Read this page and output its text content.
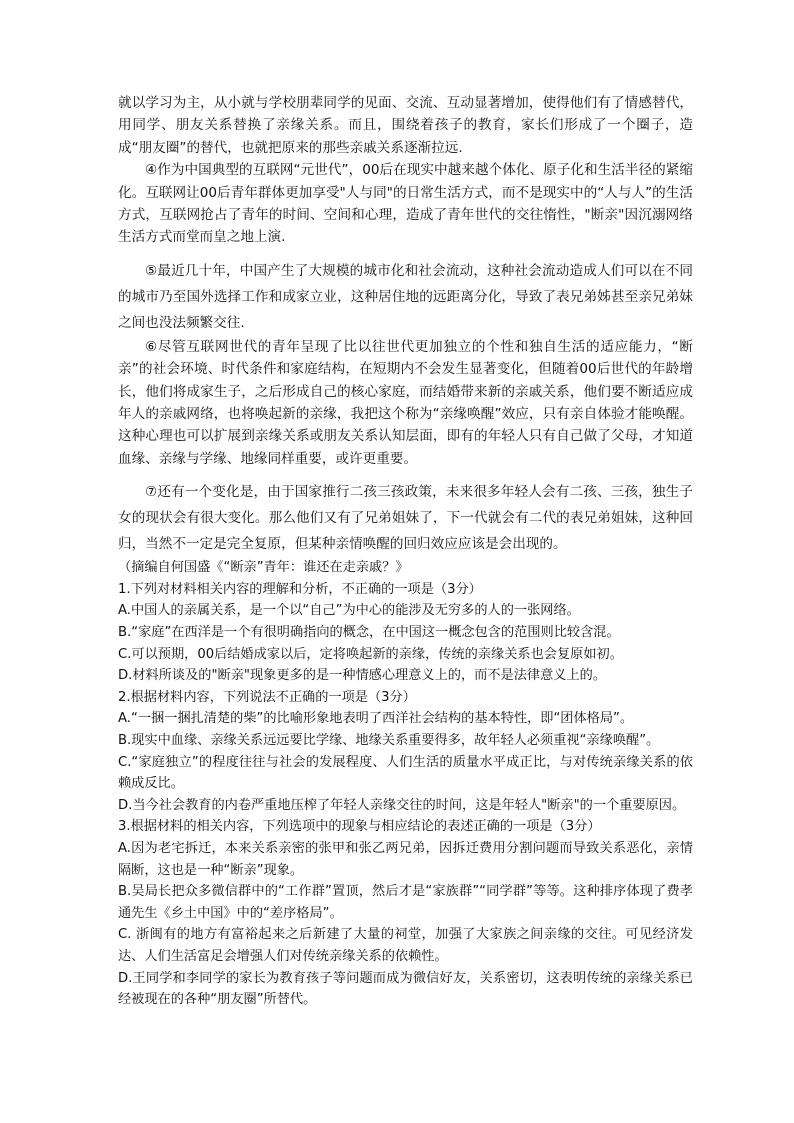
就以学习为主，从小就与学校朋辈同学的见面、交流、互动显著增加，使得他们有了情感替代，用同学、朋友关系替换了亲缘关系。而且，围绕着孩子的教育，家长们形成了一个圈子，造成“朋友圈”的替代，也就把原来的那些亲戚关系逐渐拉远.

④作为中国典型的互联网“元世代”，00后在现实中越来越个体化、原子化和生活半径的紧缩化。互联网让00后青年群体更加享受"人与同"的日常生活方式，而不是现实中的“人与人”的生活方式，互联网抢占了青年的时间、空间和心理，造成了青年世代的交往惰性，"断亲"因沉溺网络生活方式而堂而皇之地上演.

⑤最近几十年，中国产生了大规模的城市化和社会流动，这种社会流动造成人们可以在不同的城市乃至国外选择工作和成家立业，这种居住地的远距离分化，导致了表兄弟姊甚至亲兄弟妹之间也没法频繁交往.

⑥尽管互联网世代的青年呈现了比以往世代更加独立的个性和独自生活的适应能力，“断亲”的社会环境、时代条件和家庭结构，在短期内不会发生显著变化，但随着00后世代的年龄增长，他们将成家生子，之后形成自己的核心家庭，而结婚带来新的亲戚关系，他们要不断适应成年人的亲戚网络，也将唤起新的亲缘，我把这个称为“亲缘唤醒”效应，只有亲自体验才能唤醒。这种心理也可以扩展到亲缘关系或朋友关系认知层面，即有的年轻人只有自己做了父母，才知道血缘、亲缘与学缘、地缘同样重要，或许更重要。

⑦还有一个变化是，由于国家推行二孩三孩政策，未来很多年轻人会有二孩、三孩，独生子女的现状会有很大变化。那么他们又有了兄弟姐妹了，下一代就会有二代的表兄弟姐妹，这种回归，当然不一定是完全复原，但某种亲情唤醒的回归效应应该是会出现的。

（摘编自何国盛《“断亲”青年：谁还在走亲戚？》

1.下列对材料相关内容的理解和分析，不正确的一项是（3分）

A.中国人的亲属关系，是一个以“自己”为中心的能涉及无穷多的人的一张网络。

B.“家庭”在西洋是一个有很明确指向的概念，在中国这一概念包含的范围则比较含混。

C.可以预期，00后结婚成家以后，定将唤起新的亲缘，传统的亲缘关系也会复原如初。

D.材料所谈及的"断亲"现象更多的是一种情感心理意义上的，而不是法律意义上的。

2.根据材料内容，下列说法不正确的一项是（3分）

A.“一捆一捆扎清楚的柴”的比喻形象地表明了西洋社会结构的基本特性，即“团体格局”。

B.现实中血缘、亲缘关系远远要比学缘、地缘关系重要得多，故年轻人必须重视“亲缘唤醒”。

C.“家庭独立”的程度往往与社会的发展程度、人们生活的质量水平成正比，与对传统亲缘关系的依赖成反比。

D.当今社会教育的内卷严重地压榨了年轻人亲缘交往的时间，这是年轻人"断亲"的一个重要原因。

3.根据材料的相关内容，下列选项中的现象与相应结论的表述正确的一项是（3分）

A.因为老宅拆迁，本来关系亲密的张甲和张乙两兄弟，因拆迁费用分割问题而导致关系恶化，亲情隔断，这也是一种“断亲”现象。

B.吴局长把众多微信群中的“工作群”置顶，然后才是“家族群”“同学群”等等。这种排序体现了费孝通先生《乡土中国》中的“差序格局”。

C. 浙闽有的地方有富裕起来之后新建了大量的祠堂，加强了大家族之间亲缘的交往。可见经济发达、人们生活富足会增强人们对传统亲缘关系的依赖性。

D.王同学和李同学的家长为教育孩子等问题而成为微信好友，关系密切，这表明传统的亲缘关系已经被现在的各种“朋友圈”所替代。
